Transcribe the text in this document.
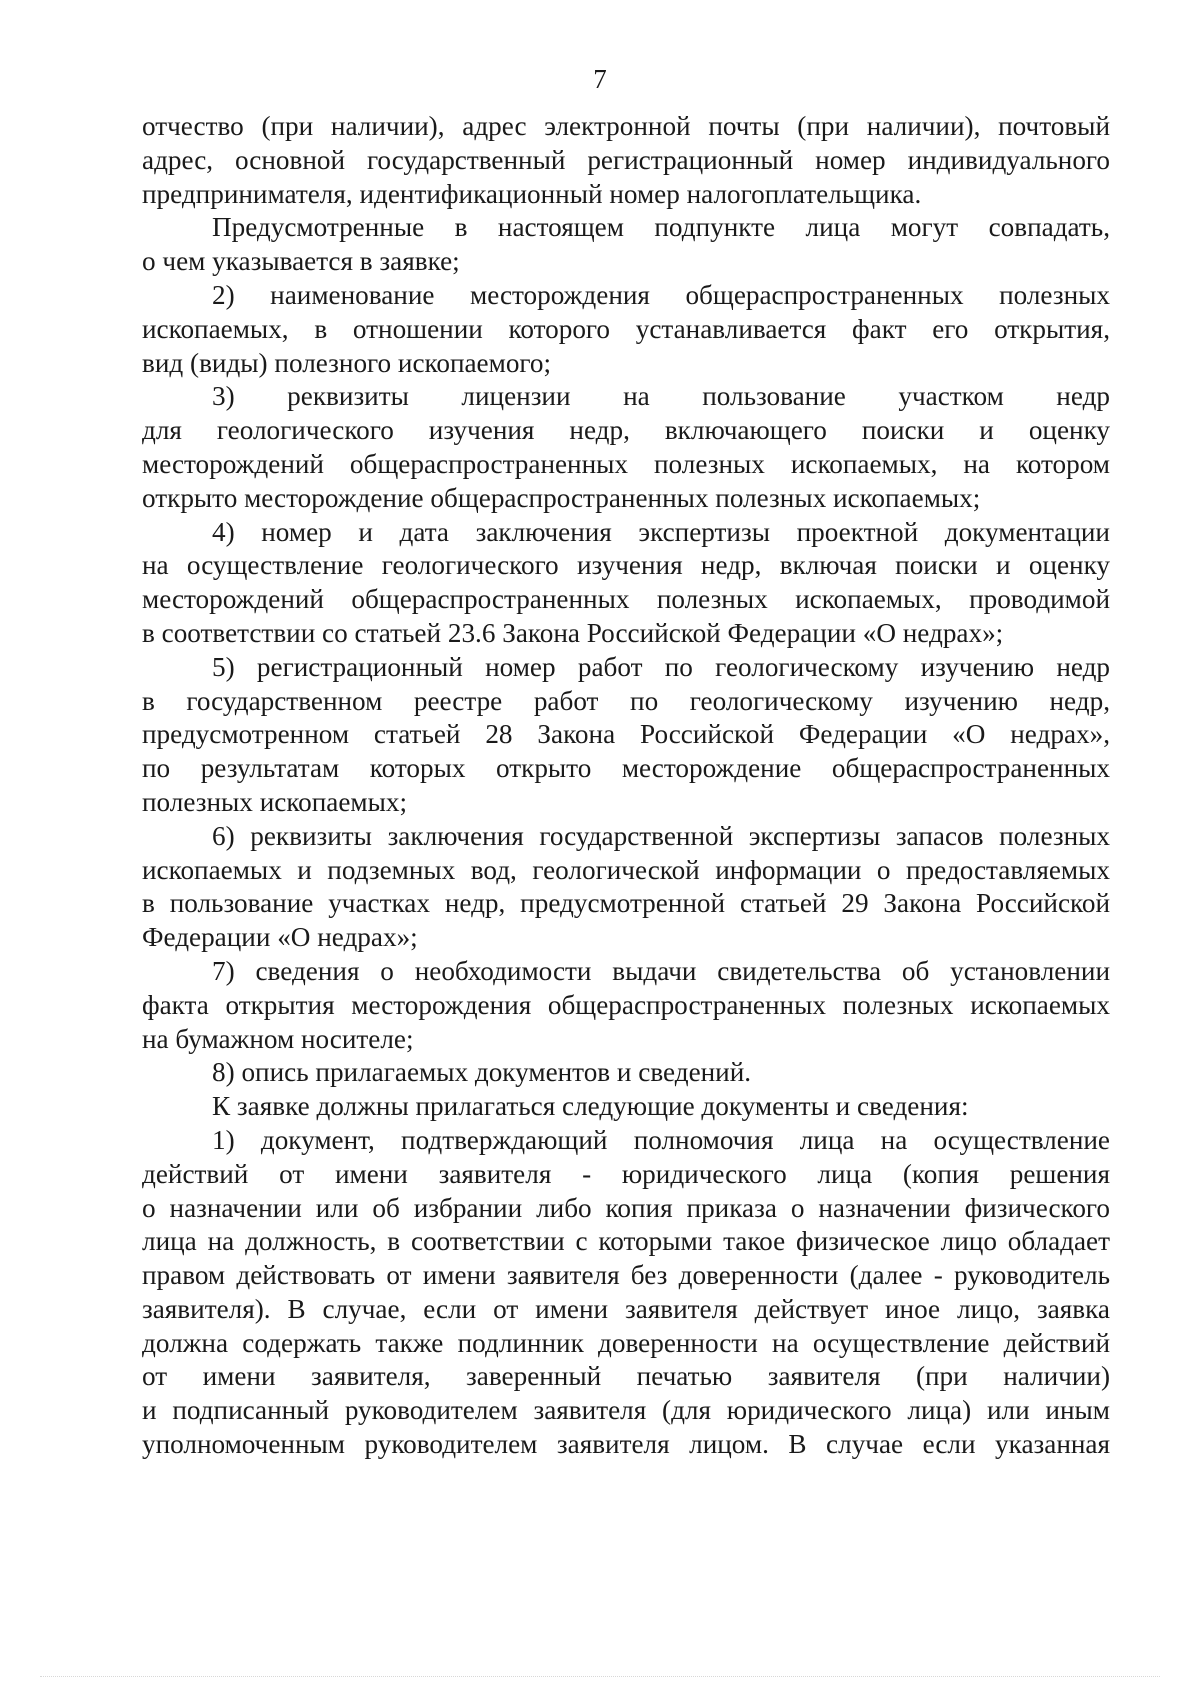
7
отчество (при наличии), адрес электронной почты (при наличии), почтовый
адрес, основной государственный регистрационный номер индивидуального
предпринимателя, идентификационный номер налогоплательщика.
Предусмотренные в настоящем подпункте лица могут совпадать,
о чем указывается в заявке;
2) наименование месторождения общераспространенных полезных
ископаемых, в отношении которого устанавливается факт его открытия,
вид (виды) полезного ископаемого;
3) реквизиты лицензии на пользование участком недр
для геологического изучения недр, включающего поиски и оценку
месторождений общераспространенных полезных ископаемых, на котором
открыто месторождение общераспространенных полезных ископаемых;
4) номер и дата заключения экспертизы проектной документации
на осуществление геологического изучения недр, включая поиски и оценку
месторождений общераспространенных полезных ископаемых, проводимой
в соответствии со статьей 23.6 Закона Российской Федерации «О недрах»;
5) регистрационный номер работ по геологическому изучению недр
в государственном реестре работ по геологическому изучению недр,
предусмотренном статьей 28 Закона Российской Федерации «О недрах»,
по результатам которых открыто месторождение общераспространенных
полезных ископаемых;
6) реквизиты заключения государственной экспертизы запасов полезных
ископаемых и подземных вод, геологической информации о предоставляемых
в пользование участках недр, предусмотренной статьей 29 Закона Российской
Федерации «О недрах»;
7) сведения о необходимости выдачи свидетельства об установлении
факта открытия месторождения общераспространенных полезных ископаемых
на бумажном носителе;
8) опись прилагаемых документов и сведений.
К заявке должны прилагаться следующие документы и сведения:
1) документ, подтверждающий полномочия лица на осуществление
действий от имени заявителя - юридического лица (копия решения
о назначении или об избрании либо копия приказа о назначении физического
лица на должность, в соответствии с которыми такое физическое лицо обладает
правом действовать от имени заявителя без доверенности (далее - руководитель
заявителя). В случае, если от имени заявителя действует иное лицо, заявка
должна содержать также подлинник доверенности на осуществление действий
от имени заявителя, заверенный печатью заявителя (при наличии)
и подписанный руководителем заявителя (для юридического лица) или иным
уполномоченным руководителем заявителя лицом. В случае если указанная
